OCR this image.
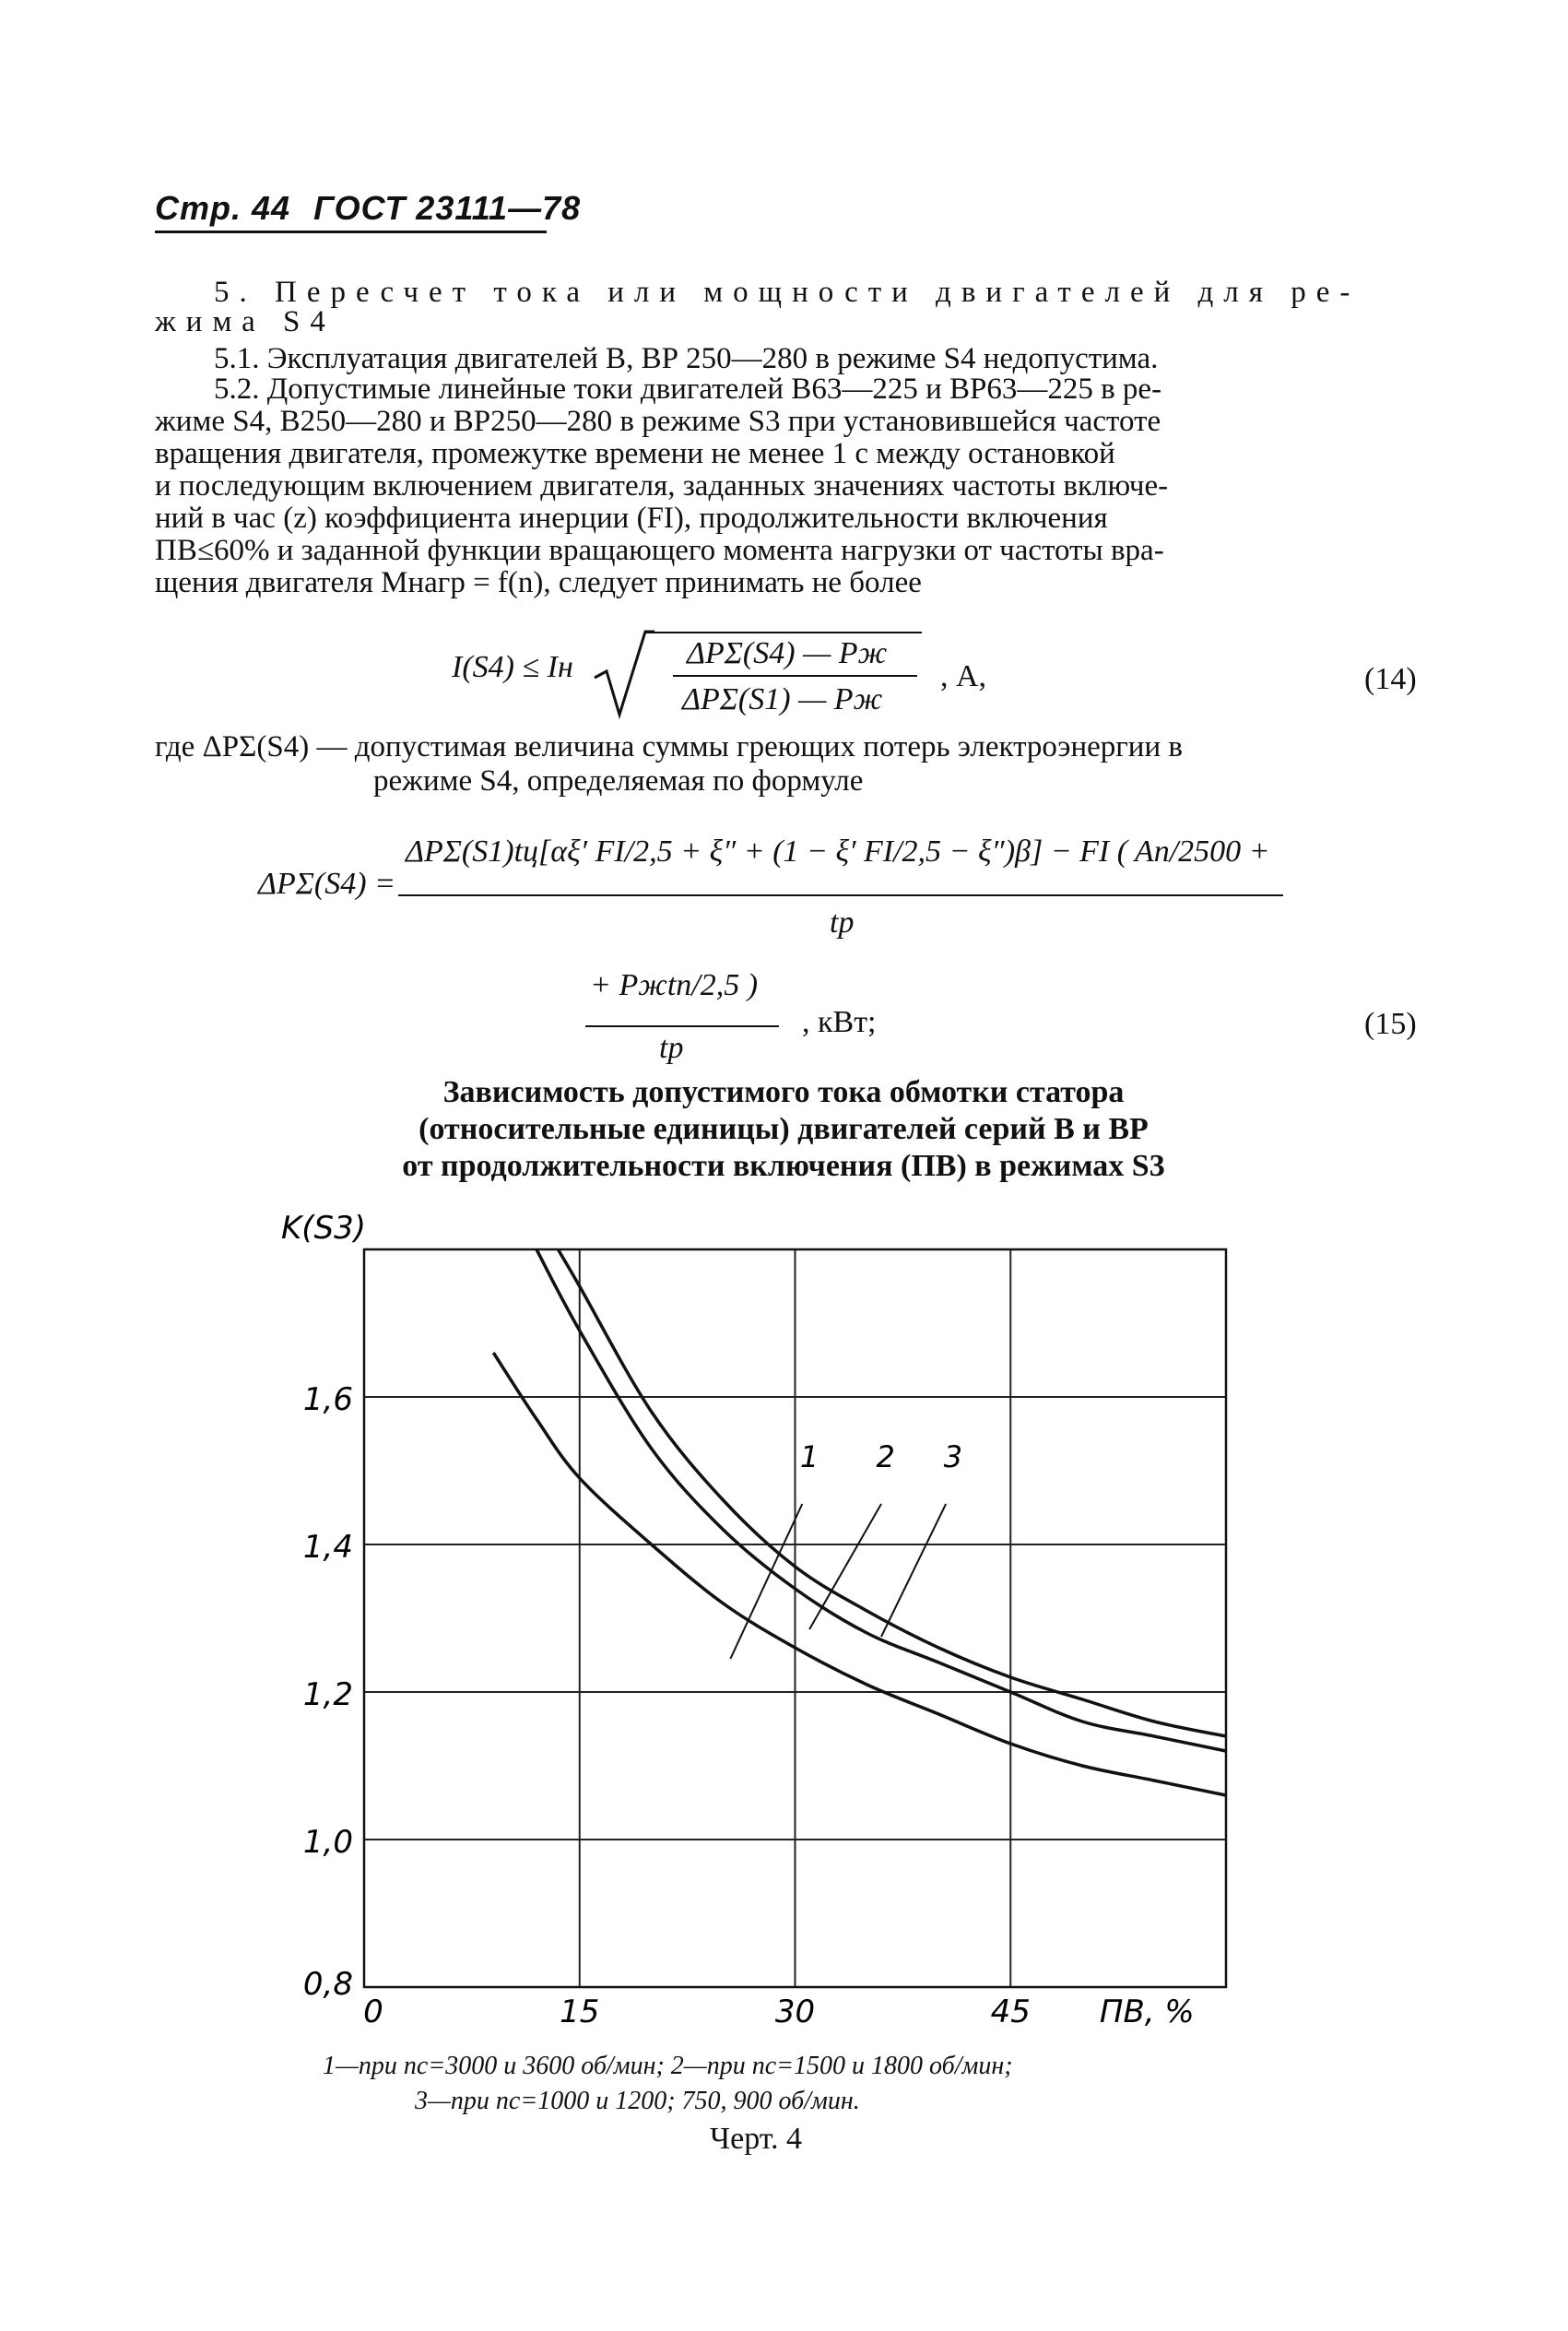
Стр. 44 ГОСТ 23111—78
5. Пересчет тока или мощности двигателей для ре-
жима S4
5.1. Эксплуатация двигателей В, ВР 250—280 в режиме S4 недопустима.
5.2. Допустимые линейные токи двигателей В63—225 и ВР63—225 в ре-
жиме S4, В250—280 и ВР250—280 в режиме S3 при установившейся частоте
вращения двигателя, промежутке времени не менее 1 с между остановкой
и последующим включением двигателя, заданных значениях частоты включе-
ний в час (z) коэффициента инерции (FI), продолжительности включения
ПВ≤60% и заданной функции вращающего момента нагрузки от частоты вра-
щения двигателя Mнагр = f(n), следует принимать не более
I(S4) ≤ Iн	ΔPΣ(S4) — Pж
ΔPΣ(S1) — Pж
, А,	(14)
где ΔPΣ(S4) — допустимая величина суммы греющих потерь электроэнергии в
режиме S4, определяемая по формуле
ΔPΣ(S4) =
ΔPΣ(S1)tц[αξ′ FI/2,5 + ξ″ + (1 − ξ′ FI/2,5 − ξ″)β] − FI ( Aп/2500 +
tр
+ Pжtп/2,5 )
tр
, кВт;	(15)
Зависимость допустимого тока обмотки статора
(относительные единицы) двигателей серий В и ВР
от продолжительности включения (ПВ) в режимах S3
0	15	30	45 ПВ, %
0,8
1,0
1,2
1,4
1,6
K(S3)
1 2 3
1—при nс=3000 и 3600 об/мин; 2—при nс=1500 и 1800 об/мин;
3—при nс=1000 и 1200; 750, 900 об/мин.
Черт. 4
